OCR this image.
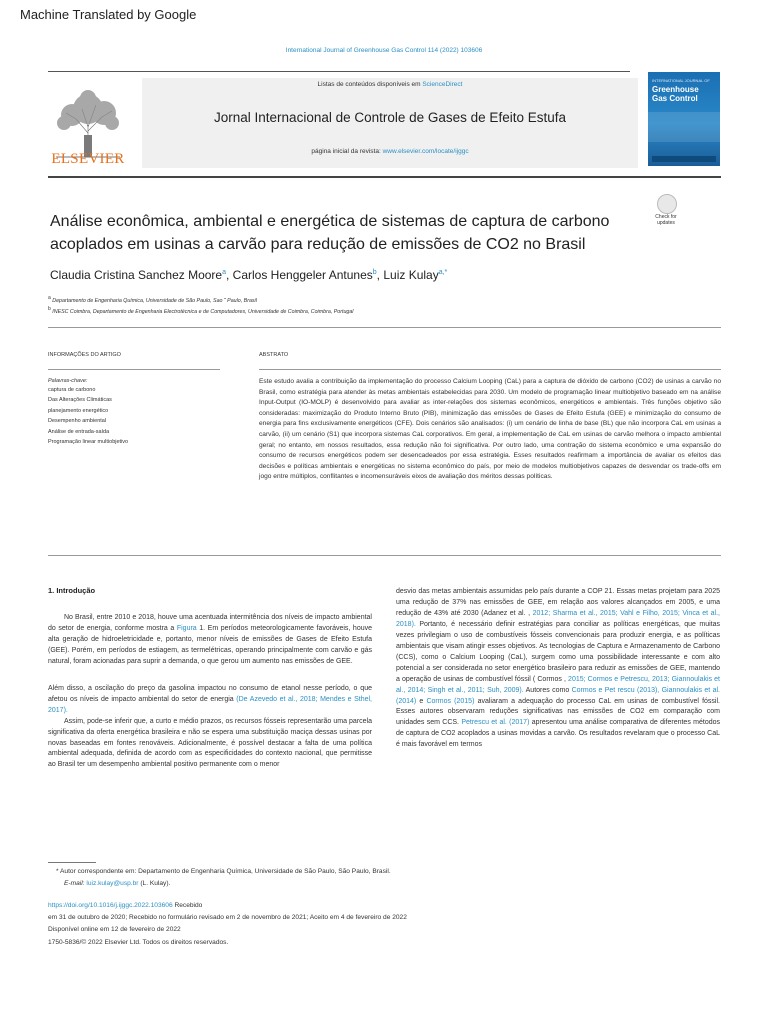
Machine Translated by Google
International Journal of Greenhouse Gas Control 114 (2022) 103606
ELSEVIER
Listas de conteúdos disponíveis em ScienceDirect
Jornal Internacional de Controle de Gases de Efeito Estufa
página inicial da revista: www.elsevier.com/locate/ijggc
INTERNATIONAL JOURNAL OF
Greenhouse Gas Control
Análise econômica, ambiental e energética de sistemas de captura de carbono acoplados em usinas a carvão para redução de emissões de CO2 no Brasil
Check for
updates
Claudia Cristina Sanchez Moore$^a$, Carlos Henggeler Antunes$^b$, Luiz Kulay$^{a,*}$
$^a$ Departamento de Engenharia Química, Universidade de São Paulo, Sao ˜ Paulo, Brasil
$^b$ INESC Coimbra, Departamento de Engenharia Electrotécnica e de Computadores, Universidade de Coimbra, Coimbra, Portugal
INFORMAÇÕES DO ARTIGO	ABSTRATO
Palavras-chave:
captura de carbono
Das Alterações Climáticas
planejamento energético
Desempenho ambiental
Análise de entrada-saída
Programação linear multiobjetivo
Este estudo avalia a contribuição da implementação do processo Calcium Looping (CaL) para a captura de dióxido de carbono (CO2) de usinas a carvão no Brasil, como estratégia para atender às metas ambientais estabelecidas para 2030. Um modelo de programação linear multiobjetivo baseado em na análise Input-Output (IO-MOLP) é desenvolvido para avaliar as inter-relações dos sistemas econômicos, energéticos e ambientais. Três funções objetivo são consideradas: maximização do Produto Interno Bruto (PIB), minimização das emissões de Gases de Efeito Estufa (GEE) e minimização do consumo de energia para fins exclusivamente energéticos (CFE). Dois cenários são analisados: (i) um cenário de linha de base (BL) que não incorpora CaL em usinas a carvão, (ii) um cenário (S1) que incorpora sistemas CaL corporativos. Em geral, a implementação de CaL em usinas de carvão melhora o impacto ambiental geral; no entanto, em nossos resultados, essa redução não foi significativa. Por outro lado, uma contração do sistema econômico e uma expansão do consumo de recursos energéticos podem ser desencadeados por essa estratégia. Esses resultados reafirmam a importância de avaliar os efeitos das decisões e políticas ambientais e energéticas no sistema econômico do país, por meio de modelos multiobjetivos capazes de desvendar os trade-offs em jogo entre múltiplos, conflitantes e incomensuráveis eixos de avaliação dos méritos dessas políticas.
1. Introdução

No Brasil, entre 2010 e 2018, houve uma acentuada intermitência dos níveis de impacto ambiental do setor de energia, conforme mostra a Figura 1. Em períodos meteorologicamente favoráveis, houve alta geração de hidroeletricidade e, portanto, menor níveis de emissões de Gases de Efeito Estufa (GEE). Porém, em períodos de estiagem, as termelétricas, operando principalmente com carvão e gás natural, foram acionadas para suprir a demanda, o que gerou um aumento nas emissões de GEE.

Além disso, a oscilação do preço da gasolina impactou no consumo de etanol nesse período, o que afetou os níveis de impacto ambiental do setor de energia (De Azevedo et al., 2018; Mendes e Sthel, 2017).

Assim, pode-se inferir que, a curto e médio prazos, os recursos fósseis representarão uma parcela significativa da oferta energética brasileira e não se espera uma substituição maciça dessas usinas por novas baseadas em fontes renováveis. Adicionalmente, é possível destacar a falta de uma política ambiental adequada, definida de acordo com as especificidades do contexto nacional, que permitisse ao Brasil ter um desempenho ambiental positivo permanente com o menor

desvio das metas ambientais assumidas pelo país durante a COP 21. Essas metas projetam para 2025 uma redução de 37% nas emissões de GEE, em relação aos valores alcançados em 2005, e uma redução de 43% até 2030 (Adanez et al. , 2012; Sharma et al., 2015; Vahl e Filho, 2015; Vinca et al., 2018). Portanto, é necessário definir estratégias para conciliar as políticas energéticas, que muitas vezes privilegiam o uso de combustíveis fósseis convencionais para produzir energia, e as políticas ambientais que visam atingir esses objetivos. As tecnologias de Captura e Armazenamento de Carbono (CCS), como o Calcium Looping (CaL), surgem como uma possibilidade interessante e com alto potencial a ser considerada no setor energético brasileiro para reduzir as emissões de GEE, mantendo a operação de usinas de combustível fóssil ( Cormos , 2015; Cormos e Petrescu, 2013; Giannoulakis et al., 2014; Singh et al., 2011; Suh, 2009). Autores como Cormos e Pet rescu (2013), Giannoulakis et al. (2014) e Cormos (2015) avaliaram a adequação do processo CaL em usinas de combustível fóssil. Esses autores observaram reduções significativas nas emissões de CO2 em comparação com unidades sem CCS. Petrescu et al. (2017) apresentou uma análise comparativa de diferentes métodos de captura de CO2 acoplados a usinas movidas a carvão. Os resultados revelaram que o processo CaL é mais favorável em termos
* Autor correspondente em: Departamento de Engenharia Química, Universidade de São Paulo, São Paulo, Brasil.
E-mail: luiz.kulay@usp.br (L. Kulay).
https://doi.org/10.1016/j.ijggc.2022.103606 Recebido
em 31 de outubro de 2020; Recebido no formulário revisado em 2 de novembro de 2021; Aceito em 4 de fevereiro de 2022
Disponível online em 12 de fevereiro de 2022
1750-5836/© 2022 Elsevier Ltd. Todos os direitos reservados.
